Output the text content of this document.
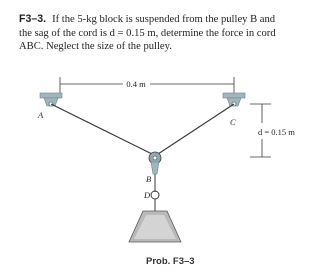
F3–3. If the 5-kg block is suspended from the pulley B and
the sag of the cord is d = 0.15 m, determine the force in cord
ABC. Neglect the size of the pulley.
0.4 m
A
C
d = 0.15 m
B
D
Prob. F3–3
